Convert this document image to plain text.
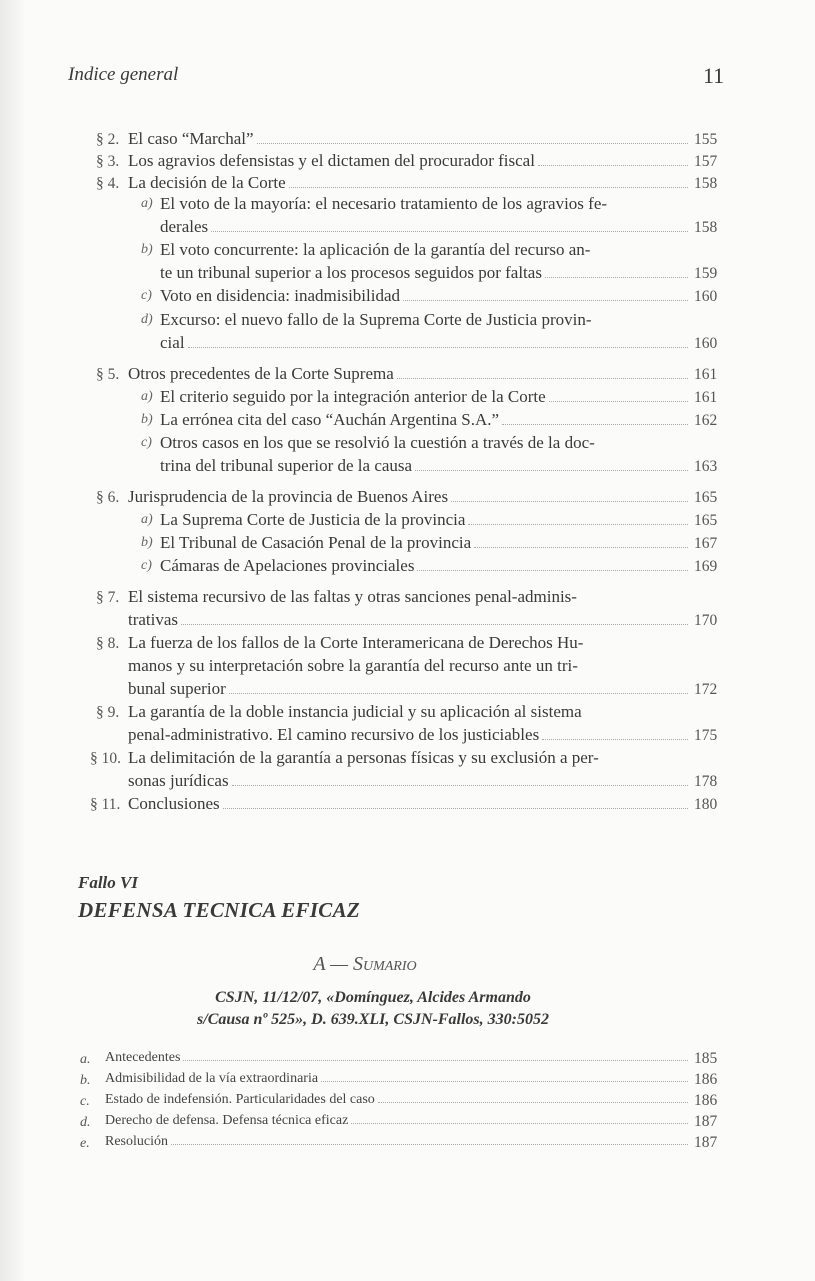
Indice general	11
§ 2. El caso “Marchal”	155
§ 3. Los agravios defensistas y el dictamen del procurador fiscal	157
§ 4. La decisión de la Corte	158
a) El voto de la mayoría: el necesario tratamiento de los agravios fe-
derales	158
b) El voto concurrente: la aplicación de la garantía del recurso an-
te un tribunal superior a los procesos seguidos por faltas	159
c) Voto en disidencia: inadmisibilidad	160
d) Excurso: el nuevo fallo de la Suprema Corte de Justicia provin-
cial	160
§ 5. Otros precedentes de la Corte Suprema	161
a) El criterio seguido por la integración anterior de la Corte	161
b) La errónea cita del caso “Auchán Argentina S.A.”	162
c) Otros casos en los que se resolvió la cuestión a través de la doc-
trina del tribunal superior de la causa	163
§ 6. Jurisprudencia de la provincia de Buenos Aires	165
a) La Suprema Corte de Justicia de la provincia	165
b) El Tribunal de Casación Penal de la provincia	167
c) Cámaras de Apelaciones provinciales	169
§ 7. El sistema recursivo de las faltas y otras sanciones penal-adminis-
trativas	170
§ 8. La fuerza de los fallos de la Corte Interamericana de Derechos Hu-
manos y su interpretación sobre la garantía del recurso ante un tri-
bunal superior	172
§ 9. La garantía de la doble instancia judicial y su aplicación al sistema
penal-administrativo. El camino recursivo de los justiciables	175
§ 10. La delimitación de la garantía a personas físicas y su exclusión a per-
sonas jurídicas	178
§ 11. Conclusiones	180
Fallo VI
DEFENSA TECNICA EFICAZ
A — Sumario
CSJN, 11/12/07, «Domínguez, Alcides Armando
s/Causa nº 525», D. 639.XLI, CSJN-Fallos, 330:5052
a. Antecedentes	185
b. Admisibilidad de la vía extraordinaria	186
c. Estado de indefensión. Particularidades del caso	186
d. Derecho de defensa. Defensa técnica eficaz	187
e. Resolución	187
